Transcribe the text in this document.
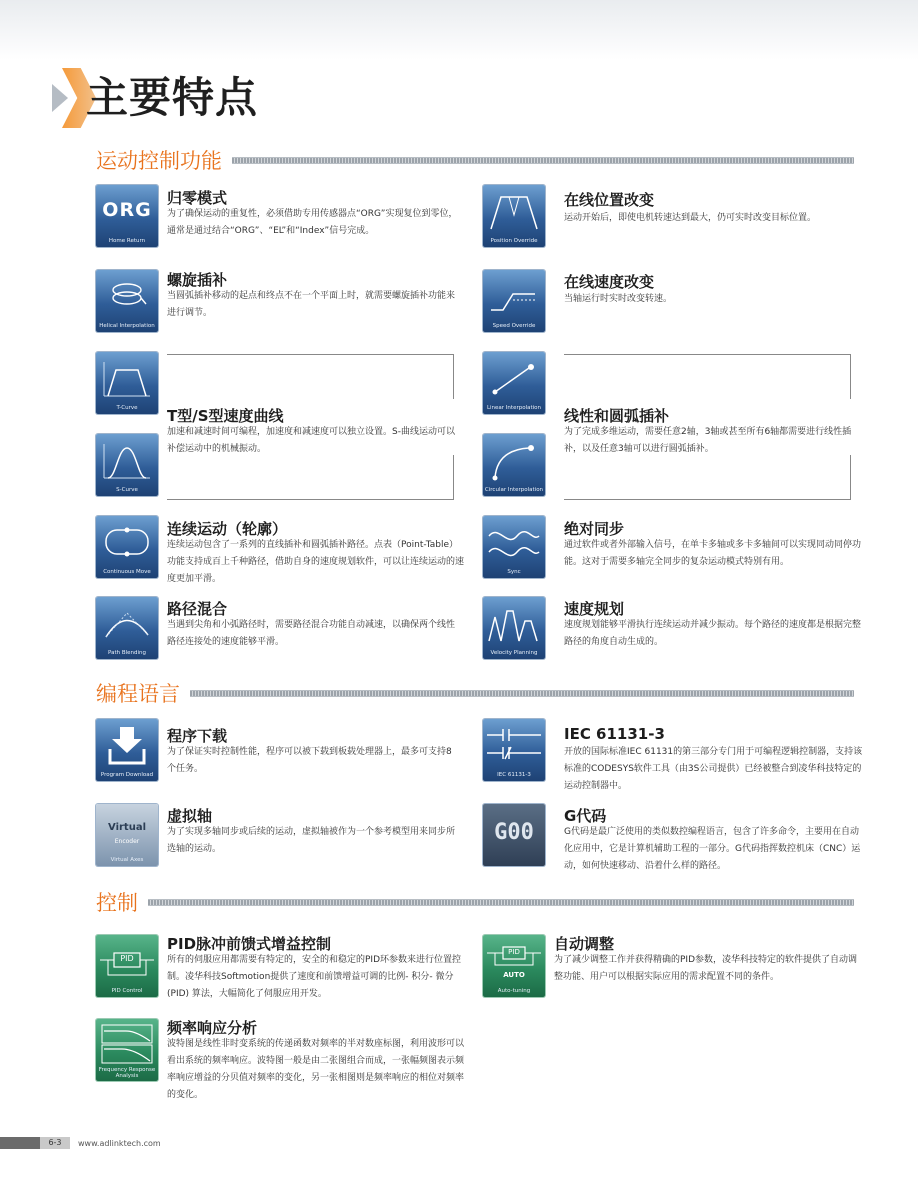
主要特点
运动控制功能
ORG
Home Return
归零模式
为了确保运动的重复性，必须借助专用传感器点“ORG”实现复位到零位，通常是通过结合“ORG”、“EL”和“Index”信号完成。
Position Override
在线位置改变
运动开始后，即使电机转速达到最大，仍可实时改变目标位置。
Helical Interpolation
螺旋插补
当圆弧插补移动的起点和终点不在一个平面上时，就需要螺旋插补功能来进行调节。
Speed Override
在线速度改变
当轴运行时实时改变转速。
T-Curve	Linear Interpolation
T型/S型速度曲线
加速和减速时间可编程，加速度和减速度可以独立设置。S-曲线运动可以补偿运动中的机械振动。
线性和圆弧插补
为了完成多维运动，需要任意2轴，3轴或甚至所有6轴都需要进行线性插补，以及任意3轴可以进行圆弧插补。
S-Curve	Circular Interpolation
Continuous Move
连续运动（轮廓）
连续运动包含了一系列的直线插补和圆弧插补路径。点表（Point-Table）功能支持成百上千种路径，借助自身的速度规划软件，可以让连续运动的速度更加平滑。
Sync
绝对同步
通过软件或者外部输入信号，在单卡多轴或多卡多轴间可以实现同动同停功能。这对于需要多轴完全同步的复杂运动模式特别有用。
Path Blending
路径混合
当遇到尖角和小弧路径时，需要路径混合功能自动减速，以确保两个线性路径连接处的速度能够平滑。
Velocity Planning
速度规划
速度规划能够平滑执行连续运动并减少振动。每个路径的速度都是根据完整路径的角度自动生成的。
编程语言
Program Download
程序下载
为了保证实时控制性能，程序可以被下载到板载处理器上，最多可支持8个任务。
IEC 61131-3
IEC 61131-3
开放的国际标准IEC 61131的第三部分专门用于可编程逻辑控制器，支持该标准的CODESYS软件工具（由3S公司提供）已经被整合到凌华科技特定的运动控制器中。
Virtual
Encoder
Virtual Axes
虚拟轴
为了实现多轴同步或后续的运动，虚拟轴被作为一个参考模型用来同步所选轴的运动。
G00
G代码
G代码是最广泛使用的类似数控编程语言，包含了许多命令，主要用在自动化应用中，它是计算机辅助工程的一部分。G代码指挥数控机床（CNC）运动，如何快速移动、沿着什么样的路径。
控制
PID
PID Control
PID脉冲前馈式增益控制
所有的伺服应用都需要有特定的，安全的和稳定的PID环参数来进行位置控制。凌华科技Softmotion提供了速度和前馈增益可调的比例- 积分- 微分 (PID) 算法，大幅简化了伺服应用开发。
PID
AUTO
Auto-tuning
自动调整
为了减少调整工作并获得精确的PID参数，凌华科技特定的软件提供了自动调整功能、用户可以根据实际应用的需求配置不同的条件。
Frequency Response Analysis
频率响应分析
波特图是线性非时变系统的传递函数对频率的半对数座标图，利用波形可以看出系统的频率响应。波特图一般是由二张图组合而成，一张幅频图表示频率响应增益的分贝值对频率的变化，另一张相图则是频率响应的相位对频率的变化。
6-3	www.adlinktech.com
